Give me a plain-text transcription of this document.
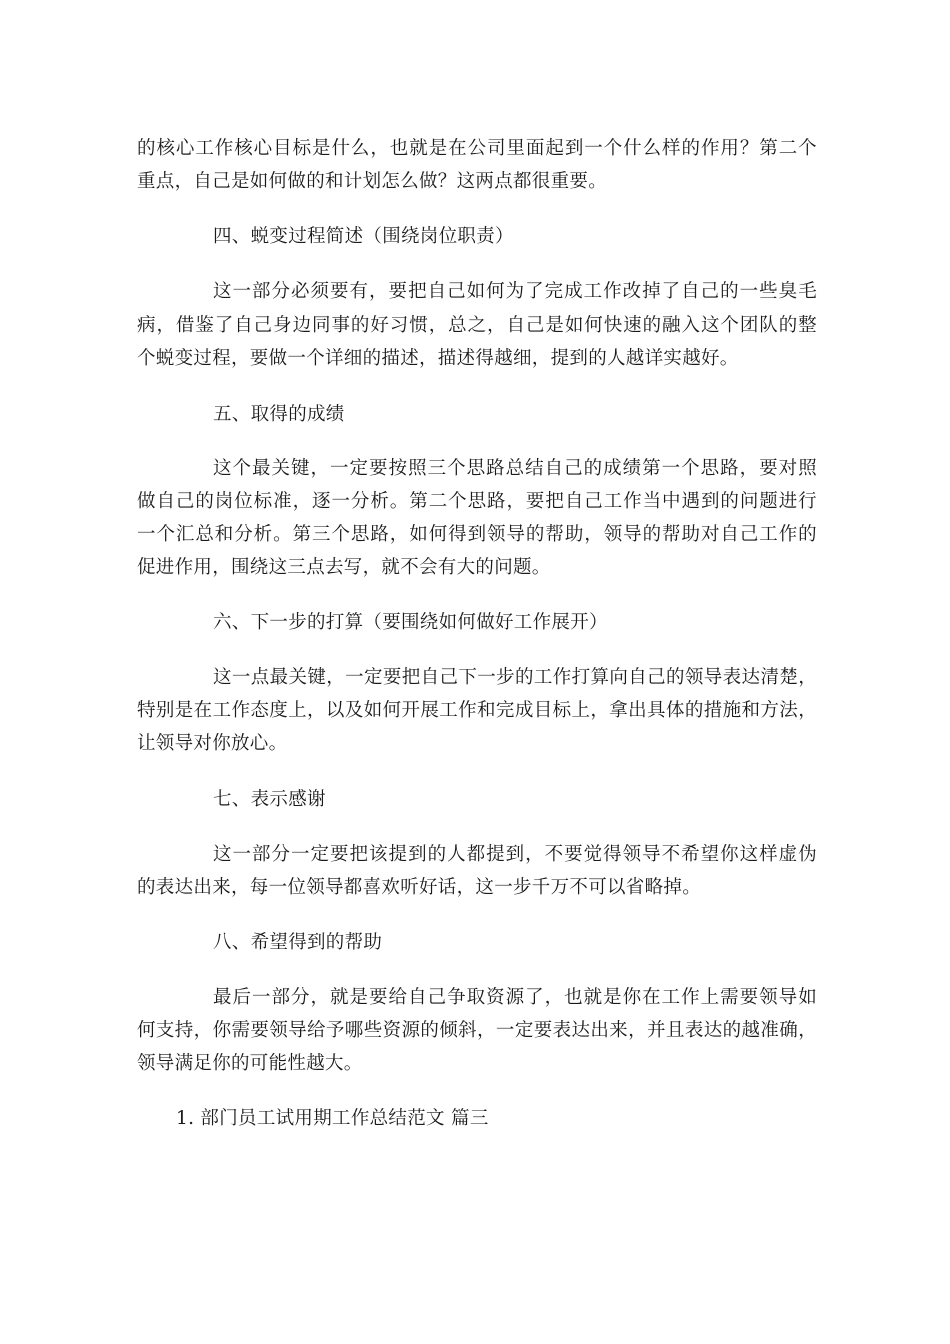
的核心工作核心目标是什么，也就是在公司里面起到一个什么样的作用？第二个
重点，自己是如何做的和计划怎么做？这两点都很重要。
四、蜕变过程简述（围绕岗位职责）
这一部分必须要有，要把自己如何为了完成工作改掉了自己的一些臭毛
病，借鉴了自己身边同事的好习惯，总之，自己是如何快速的融入这个团队的整
个蜕变过程，要做一个详细的描述，描述得越细，提到的人越详实越好。
五、取得的成绩
这个最关键，一定要按照三个思路总结自己的成绩第一个思路，要对照
做自己的岗位标准，逐一分析。第二个思路，要把自己工作当中遇到的问题进行
一个汇总和分析。第三个思路，如何得到领导的帮助，领导的帮助对自己工作的
促进作用，围绕这三点去写，就不会有大的问题。
六、下一步的打算（要围绕如何做好工作展开）
这一点最关键，一定要把自己下一步的工作打算向自己的领导表达清楚，
特别是在工作态度上，以及如何开展工作和完成目标上，拿出具体的措施和方法，
让领导对你放心。
七、表示感谢
这一部分一定要把该提到的人都提到，不要觉得领导不希望你这样虚伪
的表达出来，每一位领导都喜欢听好话，这一步千万不可以省略掉。
八、希望得到的帮助
最后一部分，就是要给自己争取资源了，也就是你在工作上需要领导如
何支持，你需要领导给予哪些资源的倾斜，一定要表达出来，并且表达的越准确，
领导满足你的可能性越大。
1. 部门员工试用期工作总结范文 篇三
